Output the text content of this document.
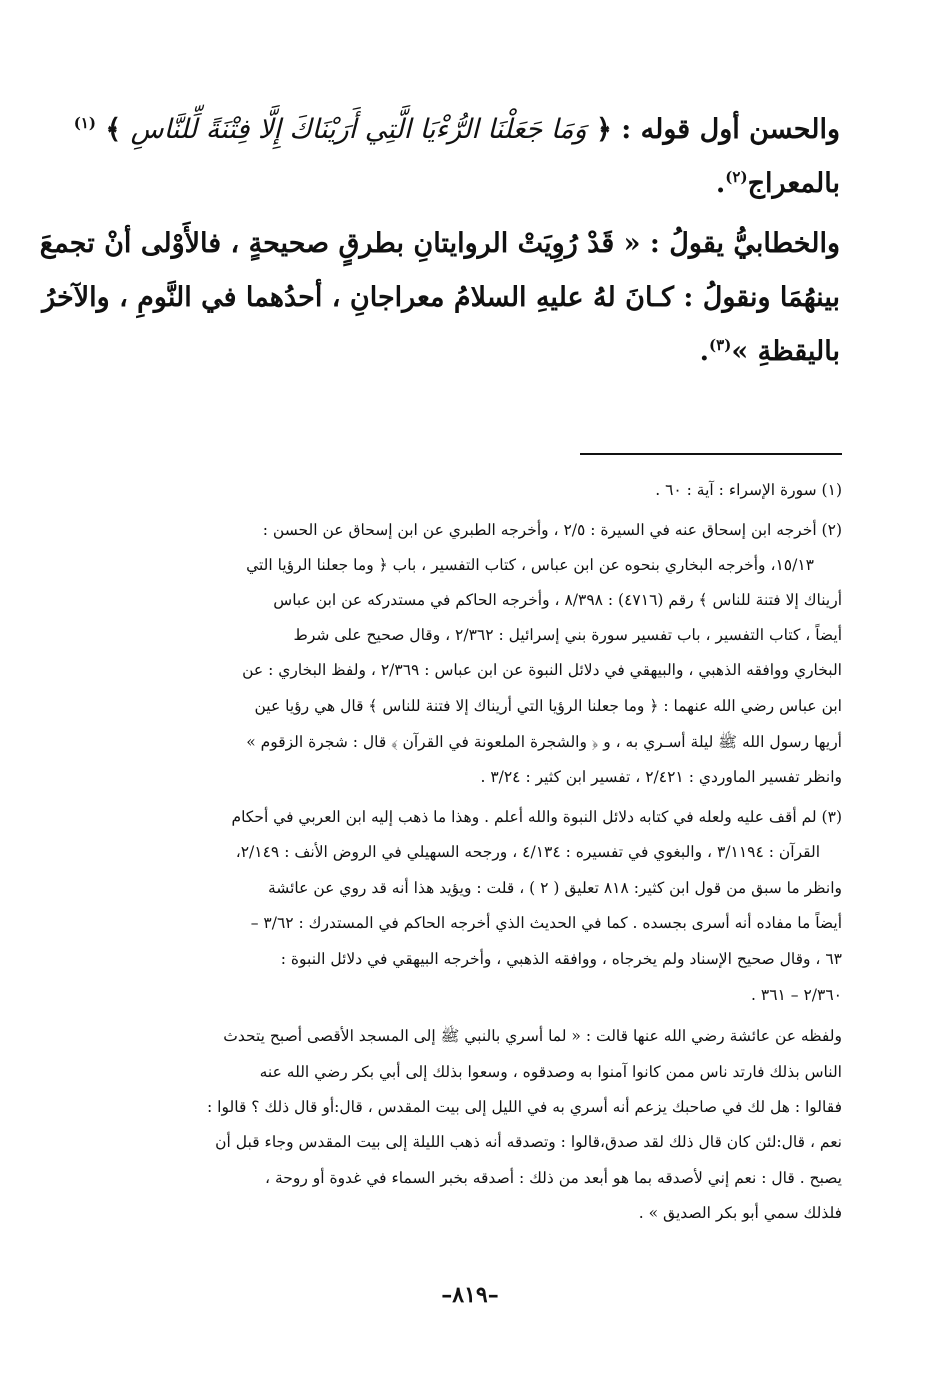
والحسن أول قوله : ﴿ وَمَا جَعَلْنَا الرُّءْيَا الَّتِي أَرَيْنَاكَ إِلَّا فِتْنَةً لِّلنَّاسِ ﴾ $^{(١)}$
بالمعراج$^{(٢)}$.
والخطابيُّ يقولُ : « قَدْ رُوِيَتْ الروايتانِ بطرقٍ صحيحةٍ ، فالأَوْلى أنْ تجمعَ
بينهُمَا ونقولُ : كـانَ لهُ عليهِ السلامُ معراجانِ ، أحدُهما في النَّومِ ، والآخرُ
باليقظةِ »$^{(٣)}$.
(١) سورة الإسراء : آية : ٦٠ .
(٢) أخرجه ابن إسحاق عنه في السيرة : ٢/٥ ، وأخرجه الطبري عن ابن إسحاق عن الحسن :
١٥/١٣، وأخرجه البخاري بنحوه عن ابن عباس ، كتاب التفسير ، باب ﴿ وما جعلنا الرؤيا التي
أريناك إلا فتنة للناس ﴾ رقم (٤٧١٦) : ٨/٣٩٨ ، وأخرجه الحاكم في مستدركه عن ابن عباس
أيضاً ، كتاب التفسير ، باب تفسير سورة بني إسرائيل : ٢/٣٦٢ ، وقال صحيح على شرط
البخاري ووافقه الذهبي ، والبيهقي في دلائل النبوة عن ابن عباس : ٢/٣٦٩ ، ولفظ البخاري : عن
ابن عباس رضي الله عنهما : ﴿ وما جعلنا الرؤيا التي أريناك إلا فتنة للناس ﴾ قال هي رؤيا عين
أريها رسول الله ﷺ ليلة أسـري به ، و ﴿ والشجرة الملعونة في القرآن ﴾ قال : شجرة الزقوم »
وانظر تفسير الماوردي : ٢/٤٢١ ، تفسير ابن كثير : ٣/٢٤ .
(٣) لم أقف عليه ولعله في كتابه دلائل النبوة والله أعلم . وهذا ما ذهب إليه ابن العربي في أحكام
القرآن : ٣/١١٩٤ ، والبغوي في تفسيره : ٤/١٣٤ ، ورجحه السهيلي في الروض الأنف : ٢/١٤٩،
وانظر ما سبق من قول ابن كثير: ٨١٨ تعليق ( ٢ ) ، قلت : ويؤيد هذا أنه قد روي عن عائشة
أيضاً ما مفاده أنه أسرى بجسده . كما في الحديث الذي أخرجه الحاكم في المستدرك : ٣/٦٢ –
٦٣ ، وقال صحيح الإسناد ولم يخرجاه ، ووافقه الذهبي ، وأخرجه البيهقي في دلائل النبوة :
٢/٣٦٠ – ٣٦١ .
ولفظه عن عائشة رضي الله عنها قالت : « لما أسري بالنبي ﷺ إلى المسجد الأقصى أصبح يتحدث
الناس بذلك فارتد ناس ممن كانوا آمنوا به وصدقوه ، وسعوا بذلك إلى أبي بكر رضي الله عنه
فقالوا : هل لك في صاحبك يزعم أنه أسري به في الليل إلى بيت المقدس ، قال:أو قال ذلك ؟ قالوا :
نعم ، قال:لئن كان قال ذلك لقد صدق،قالوا : وتصدقه أنه ذهب الليلة إلى بيت المقدس وجاء قبل أن
يصبح . قال : نعم إني لأصدقه بما هو أبعد من ذلك : أصدقه بخبر السماء في غدوة أو روحة ،
فلذلك سمي أبو بكر الصديق » .
–٨١٩–
